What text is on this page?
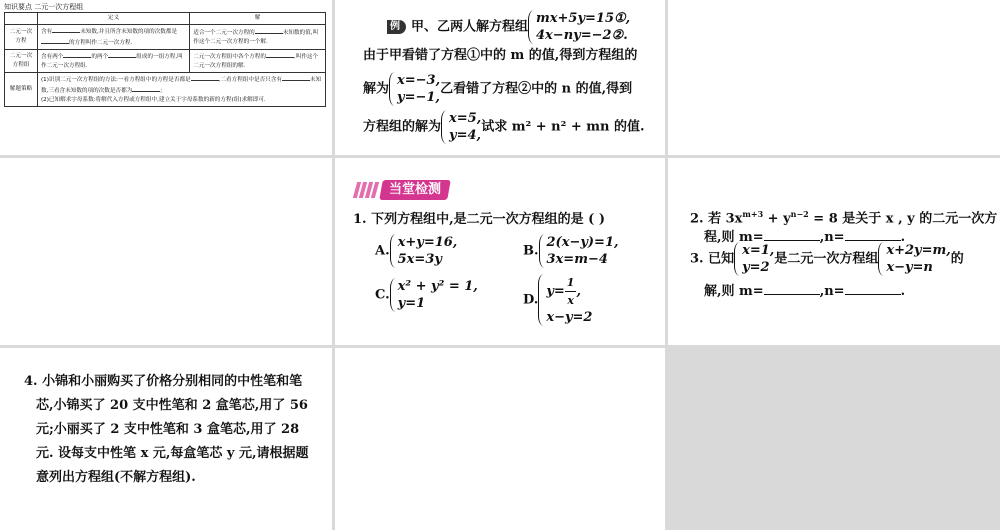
知识要点 二元一次方程组
	定义	解
二元一次方程	含有 未知数,并且所含未知数的项的次数都是的方程叫作二元一次方程.	适合一个二元一次方程的 未知数的值,叫作这个二元一次方程的一个解.
二元一次方程组	含有两个 的两个 组成的一组方程,叫作二元一次方程组.	二元一次方程组中各个方程的 ,叫作这个二元一次方程组的解.
解题策略	(1)识别二元一次方程组的方法:一看方程组中的方程是否都是 ,二看方程组中是否只含有 未知数,三看含未知数的项的次数是否都为 ;
(2)已知解求字母系数:将解代入方程或方程组中,建立关于字母系数的新的方程(组)求解即可.	
例 甲、乙两人解方程组
mx+5y=15①,
4x−ny=−2②.
由于甲看错了方程①中的 m 的值,得到方程组的
解为
x=−3,
y=−1,
乙看错了方程②中的 n 的值,得到
方程组的解为
x=5,
y=4,
试求 m² + n² + mn 的值.
当堂检测
1. 下列方程组中,是二元一次方程组的是 ( )
A.
x+y=16,
5x=3y
B.
2(x−y)=1,
3x=m−4
C.
x² + y² = 1,
y=1	D.
$y= \frac{1}{x}$ ,
x−y=2
2. 若 $3x^{m+3} + y^{n-2} = 8$ 是关于 x , y 的二元一次方
程,则 m=	,n=	.
3. 已知
x=1,
y=2
是二元一次方程组
x+2y=m,
x−y=n
的
解,则 m=	,n=	.
4. 小锦和小丽购买了价格分别相同的中性笔和笔
芯,小锦买了 20 支中性笔和 2 盒笔芯,用了 56
元;小丽买了 2 支中性笔和 3 盒笔芯,用了 28
元. 设每支中性笔 x 元,每盒笔芯 y 元,请根据题
意列出方程组(不解方程组).
